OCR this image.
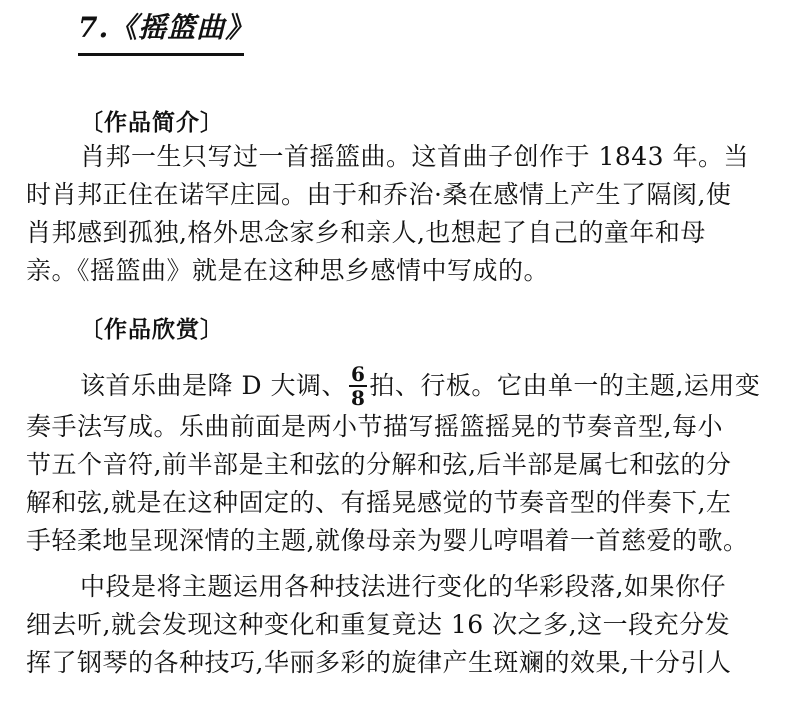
7.《摇篮曲》
〔作品简介〕
肖邦一生只写过一首摇篮曲。这首曲子创作于 1843 年。当
时肖邦正住在诺罕庄园。由于和乔治·桑在感情上产生了隔阂,使
肖邦感到孤独,格外思念家乡和亲人,也想起了自己的童年和母
亲。《摇篮曲》就是在这种思乡感情中写成的。
〔作品欣赏〕
该首乐曲是降 D 大调、 $\frac{6}{8}$ 拍、行板。它由单一的主题,运用变
奏手法写成。乐曲前面是两小节描写摇篮摇晃的节奏音型,每小
节五个音符,前半部是主和弦的分解和弦,后半部是属七和弦的分
解和弦,就是在这种固定的、有摇晃感觉的节奏音型的伴奏下,左
手轻柔地呈现深情的主题,就像母亲为婴儿哼唱着一首慈爱的歌。
中段是将主题运用各种技法进行变化的华彩段落,如果你仔
细去听,就会发现这种变化和重复竟达 16 次之多,这一段充分发
挥了钢琴的各种技巧,华丽多彩的旋律产生斑斓的效果,十分引人
